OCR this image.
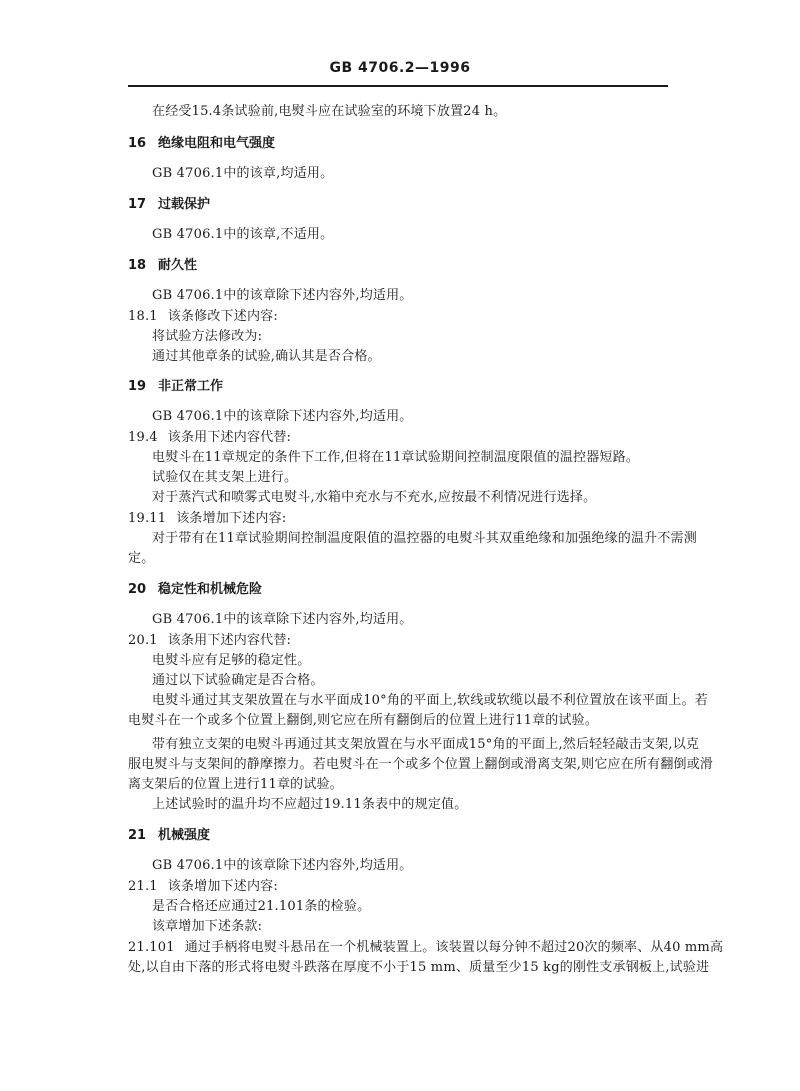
GB 4706.2—1996
在经受15.4条试验前,电熨斗应在试验室的环境下放置24 h。
16 绝缘电阻和电气强度
GB 4706.1中的该章,均适用。
17 过载保护
GB 4706.1中的该章,不适用。
18 耐久性
GB 4706.1中的该章除下述内容外,均适用。
18.1 该条修改下述内容:
将试验方法修改为:
通过其他章条的试验,确认其是否合格。
19 非正常工作
GB 4706.1中的该章除下述内容外,均适用。
19.4 该条用下述内容代替:
电熨斗在11章规定的条件下工作,但将在11章试验期间控制温度限值的温控器短路。
试验仅在其支架上进行。
对于蒸汽式和喷雾式电熨斗,水箱中充水与不充水,应按最不利情况进行选择。
19.11 该条增加下述内容:
对于带有在11章试验期间控制温度限值的温控器的电熨斗其双重绝缘和加强绝缘的温升不需测
定。
20 稳定性和机械危险
GB 4706.1中的该章除下述内容外,均适用。
20.1 该条用下述内容代替:
电熨斗应有足够的稳定性。
通过以下试验确定是否合格。
电熨斗通过其支架放置在与水平面成10°角的平面上,软线或软缆以最不利位置放在该平面上。若
电熨斗在一个或多个位置上翻倒,则它应在所有翻倒后的位置上进行11章的试验。
带有独立支架的电熨斗再通过其支架放置在与水平面成15°角的平面上,然后轻轻敲击支架,以克
服电熨斗与支架间的静摩擦力。若电熨斗在一个或多个位置上翻倒或滑离支架,则它应在所有翻倒或滑
离支架后的位置上进行11章的试验。
上述试验时的温升均不应超过19.11条表中的规定值。
21 机械强度
GB 4706.1中的该章除下述内容外,均适用。
21.1 该条增加下述内容:
是否合格还应通过21.101条的检验。
该章增加下述条款:
21.101 通过手柄将电熨斗悬吊在一个机械装置上。该装置以每分钟不超过20次的频率、从40 mm高
处,以自由下落的形式将电熨斗跌落在厚度不小于15 mm、质量至少15 kg的刚性支承钢板上,试验进
